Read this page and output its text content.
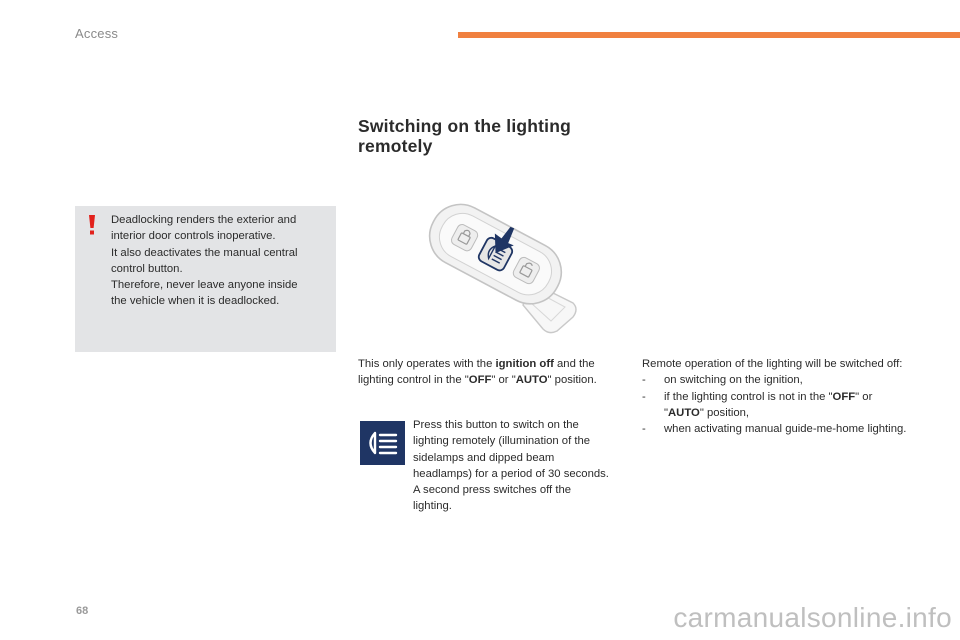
Access
Deadlocking renders the exterior and
interior door controls inoperative.
It also deactivates the manual central
control button.
Therefore, never leave anyone inside
the vehicle when it is deadlocked.
Switching on the lighting
remotely
This only operates with the ignition off and the lighting control in the "OFF" or "AUTO" position.
Press this button to switch on the lighting remotely (illumination of the sidelamps and dipped beam headlamps) for a period of 30 seconds.
A second press switches off the lighting.
Remote operation of the lighting will be switched off:
- on switching on the ignition,
- if the lighting control is not in the "OFF" or "AUTO" position,
- when activating manual guide-me-home lighting.
68	carmanualsonline.info
